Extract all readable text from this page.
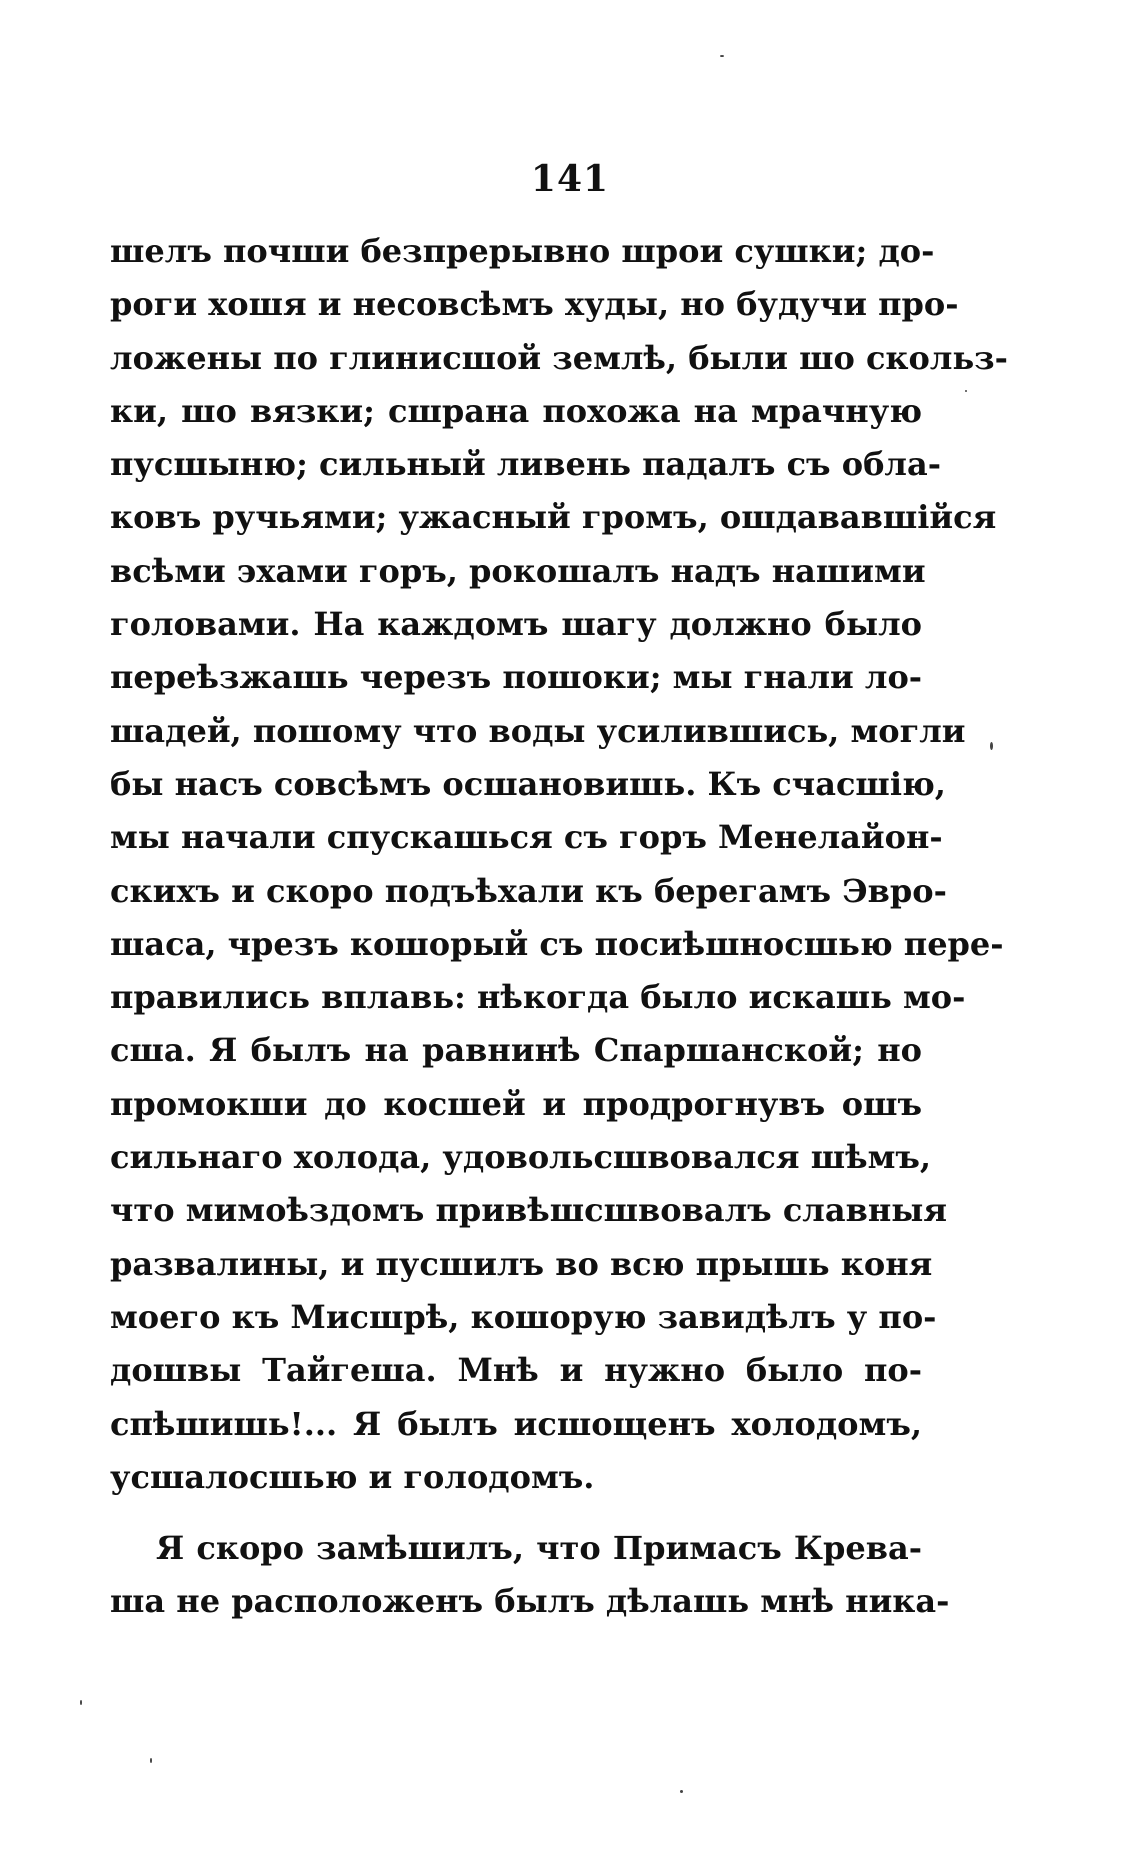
141
шелъ почши безпрерывно шрои сушки; до-
роги хошя и несовсѣмъ худы, но будучи про-
ложены по глинисшой землѣ, были шо скольз-
ки, шо вязки; сшрана похожа на мрачную
пусшыню; сильный ливень падалъ съ обла-
ковъ ручьями; ужасный громъ, ошдававшійся
всѣми эхами горъ, рокошалъ надъ нашими
головами. На каждомъ шагу должно было
переѣзжашь черезъ пошоки; мы гнали ло-
шадей, пошому что воды усилившись, могли
бы насъ совсѣмъ осшановишь. Къ счасшію,
мы начали спускашься съ горъ Менелайон-
скихъ и скоро подъѣхали къ берегамъ Эвро-
шаса, чрезъ кошорый съ посиѣшносшью пере-
правились вплавь: нѣкогда было искашь мо-
сша. Я былъ на равнинѣ Спаршанской; но
промокши до косшей и продрогнувъ ошъ
сильнаго холода, удовольсшвовался шѣмъ,
что мимоѣздомъ привѣшсшвовалъ славныя
развалины, и пусшилъ во всю прышь коня
моего къ Мисшрѣ, кошорую завидѣлъ у по-
дошвы Тайгеша. Мнѣ и нужно было по-
спѣшишь!... Я былъ исшощенъ холодомъ,
усшалосшью и голодомъ.
Я скоро замѣшилъ, что Примасъ Крева-
ша не расположенъ былъ дѣлашь мнѣ ника-
